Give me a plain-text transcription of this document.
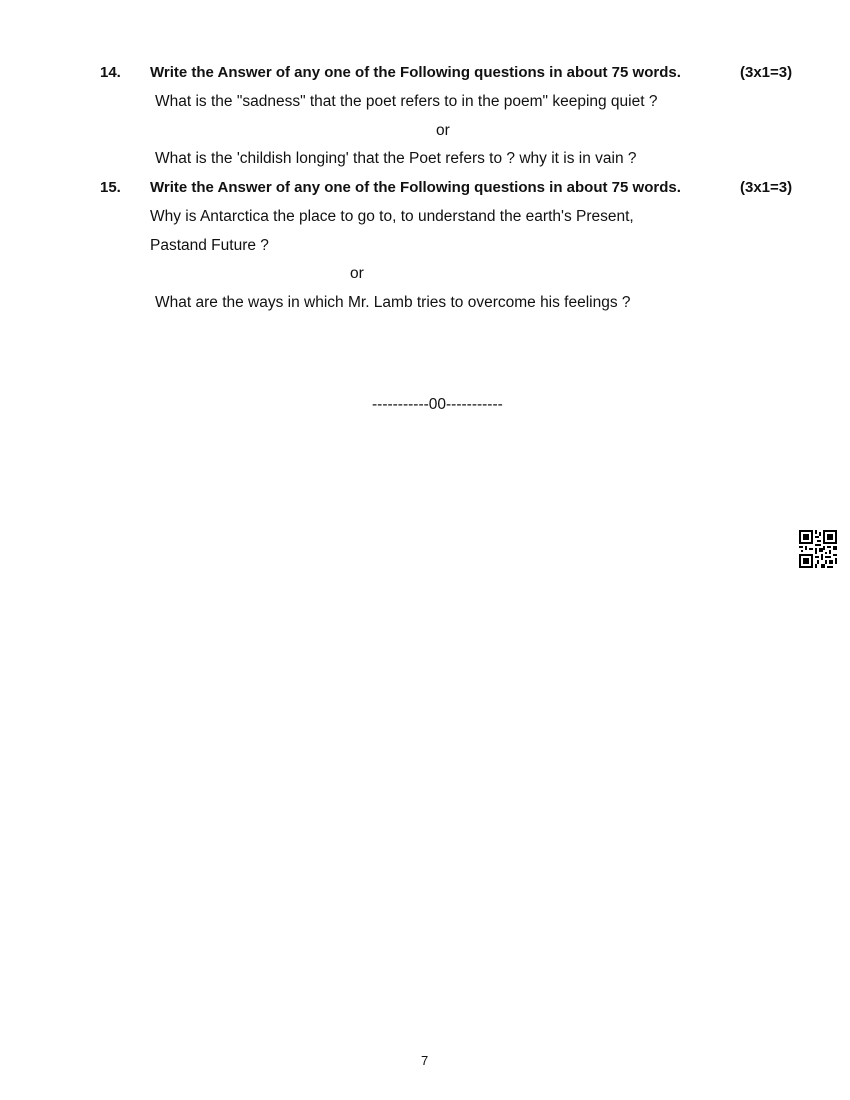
14. Write the Answer of any one of the Following questions in about 75 words.	(3x1=3)
What is the "sadness" that the poet refers to in the poem" keeping quiet ?
or
What is the 'childish longing' that the Poet refers to ? why it is in vain ?
15. Write the Answer of any one of the Following questions in about 75 words.	(3x1=3)
Why is Antarctica the place to go to, to understand the earth's Present,
Pastand Future ?
or
What are the ways in which Mr. Lamb tries to overcome his feelings ?
-----------00-----------
7
